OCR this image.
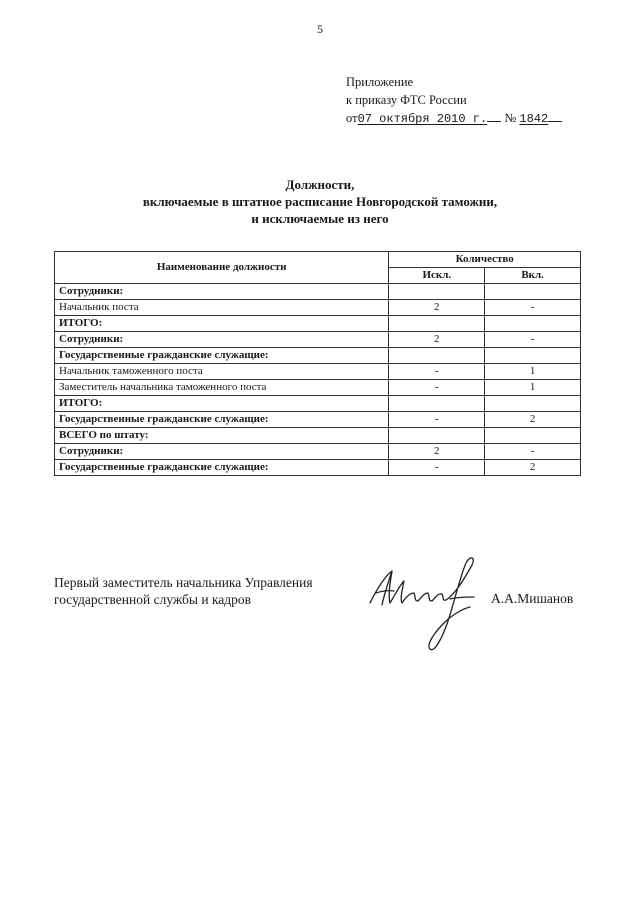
5
Приложение
к приказу ФТС России
от07 октября 2010 г. № 1842
Должности,
включаемые в штатное расписание Новгородской таможни,
и исключаемые из него
Наименование должности	Количество	
	Искл.	Вкл.
Сотрудники:		
Начальник поста	2	-
ИТОГО:		
Сотрудники:	2	-
Государственные гражданские служащие:		
Начальник таможенного поста	-	1
Заместитель начальника таможенного поста	-	1
ИТОГО:		
Государственные гражданские служащие:	-	2
ВСЕГО по штату:		
Сотрудники:	2	-
Государственные гражданские служащие:	-	2
Первый заместитель начальника Управления
государственной службы и кадров	А.А.Мишанов
